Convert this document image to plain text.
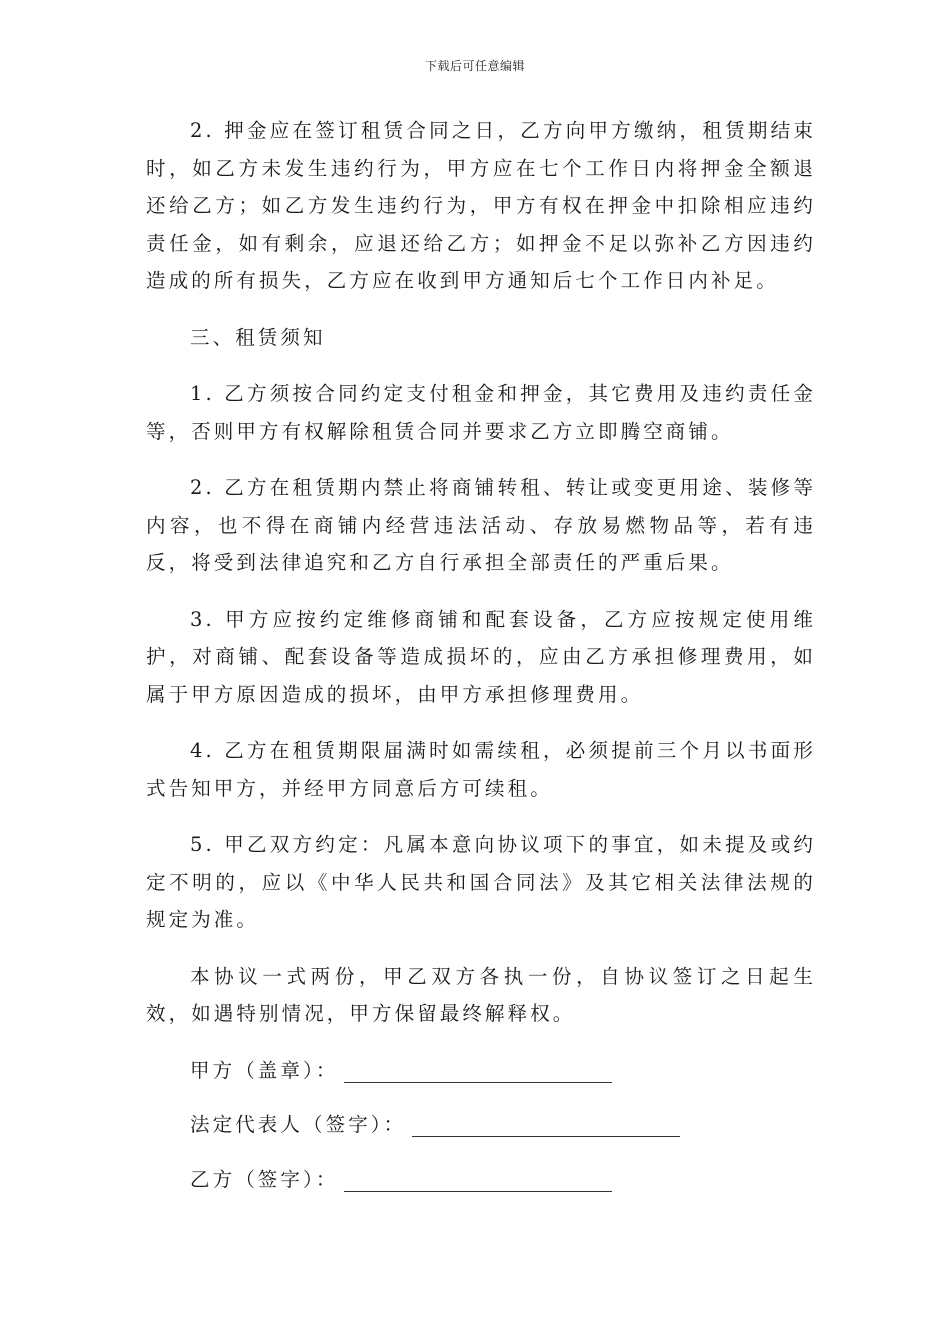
下载后可任意编辑

2. 押金应在签订租赁合同之日，乙方向甲方缴纳，租赁期结束时，如乙方未发生违约行为，甲方应在七个工作日内将押金全额退还给乙方；如乙方发生违约行为，甲方有权在押金中扣除相应违约责任金，如有剩余，应退还给乙方；如押金不足以弥补乙方因违约造成的所有损失，乙方应在收到甲方通知后七个工作日内补足。

三、租赁须知

1. 乙方须按合同约定支付租金和押金，其它费用及违约责任金等，否则甲方有权解除租赁合同并要求乙方立即腾空商铺。

2. 乙方在租赁期内禁止将商铺转租、转让或变更用途、装修等内容，也不得在商铺内经营违法活动、存放易燃物品等，若有违反，将受到法律追究和乙方自行承担全部责任的严重后果。

3. 甲方应按约定维修商铺和配套设备，乙方应按规定使用维护，对商铺、配套设备等造成损坏的，应由乙方承担修理费用，如属于甲方原因造成的损坏，由甲方承担修理费用。

4. 乙方在租赁期限届满时如需续租，必须提前三个月以书面形式告知甲方，并经甲方同意后方可续租。

5. 甲乙双方约定：凡属本意向协议项下的事宜，如未提及或约定不明的，应以《中华人民共和国合同法》及其它相关法律法规的规定为准。

本协议一式两份，甲乙双方各执一份，自协议签订之日起生效，如遇特别情况，甲方保留最终解释权。

甲方（盖章）：
法定代表人（签字）：
乙方（签字）：
